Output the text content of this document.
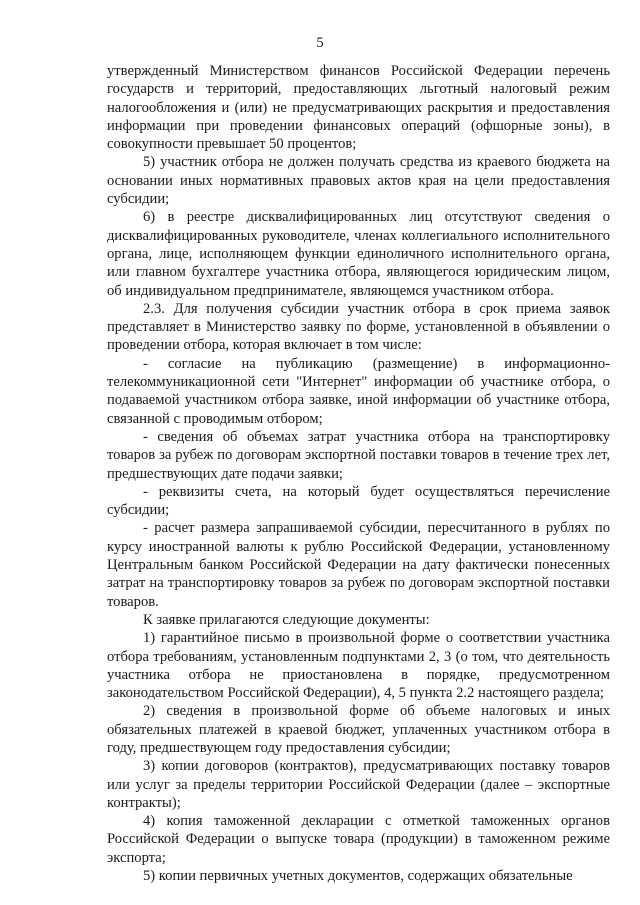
5

утвержденный Министерством финансов Российской Федерации перечень государств и территорий, предоставляющих льготный налоговый режим налогообложения и (или) не предусматривающих раскрытия и предоставления информации при проведении финансовых операций (офшорные зоны), в совокупности превышает 50 процентов;

5) участник отбора не должен получать средства из краевого бюджета на основании иных нормативных правовых актов края на цели предоставления субсидии;

6) в реестре дисквалифицированных лиц отсутствуют сведения о дисквалифицированных руководителе, членах коллегиального исполнительного органа, лице, исполняющем функции единоличного исполнительного органа, или главном бухгалтере участника отбора, являющегося юридическим лицом, об индивидуальном предпринимателе, являющемся участником отбора.

2.3. Для получения субсидии участник отбора в срок приема заявок представляет в Министерство заявку по форме, установленной в объявлении о проведении отбора, которая включает в том числе:

- согласие на публикацию (размещение) в информационно-телекоммуникационной сети "Интернет" информации об участнике отбора, о подаваемой участником отбора заявке, иной информации об участнике отбора, связанной с проводимым отбором;

- сведения об объемах затрат участника отбора на транспортировку товаров за рубеж по договорам экспортной поставки товаров в течение трех лет, предшествующих дате подачи заявки;

- реквизиты счета, на который будет осуществляться перечисление субсидии;

- расчет размера запрашиваемой субсидии, пересчитанного в рублях по курсу иностранной валюты к рублю Российской Федерации, установленному Центральным банком Российской Федерации на дату фактически понесенных затрат на транспортировку товаров за рубеж по договорам экспортной поставки товаров.

К заявке прилагаются следующие документы:

1) гарантийное письмо в произвольной форме о соответствии участника отбора требованиям, установленным подпунктами 2, 3 (о том, что деятельность участника отбора не приостановлена в порядке, предусмотренном законодательством Российской Федерации), 4, 5 пункта 2.2 настоящего раздела;

2) сведения в произвольной форме об объеме налоговых и иных обязательных платежей в краевой бюджет, уплаченных участником отбора в году, предшествующем году предоставления субсидии;

3) копии договоров (контрактов), предусматривающих поставку товаров или услуг за пределы территории Российской Федерации (далее – экспортные контракты);

4) копия таможенной декларации с отметкой таможенных органов Российской Федерации о выпуске товара (продукции) в таможенном режиме экспорта;

5) копии первичных учетных документов, содержащих обязательные
